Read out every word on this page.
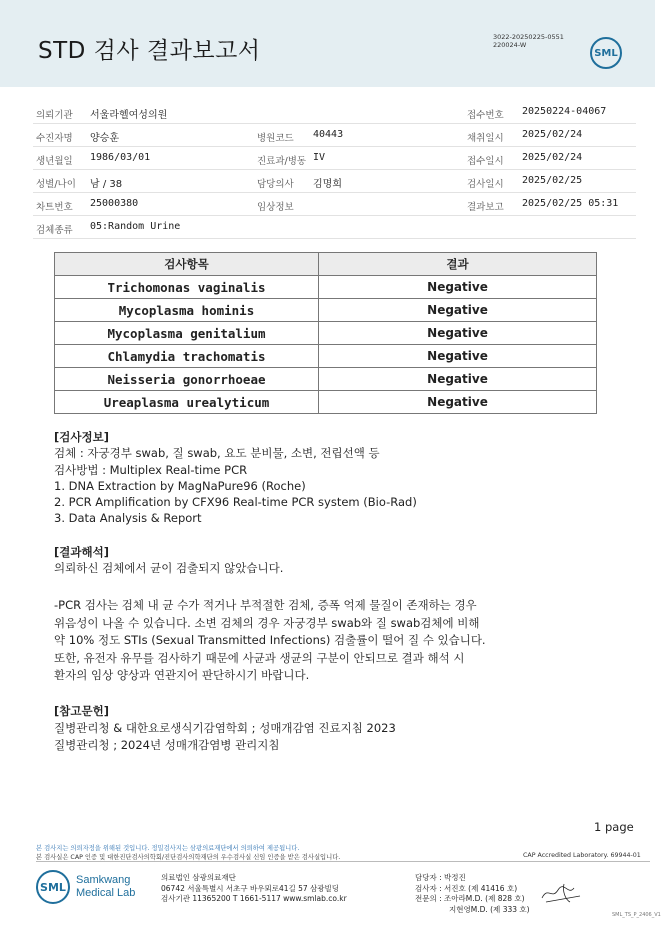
STD 검사 결과보고서
3022-20250225-0551
220024-W
SML
의뢰기관 서울라헬여성의원	접수번호 20250224-04067
수진자명 양승훈	병원코드 40443	채취일시 2025/02/24
생년월일 1986/03/01	진료과/병동 IV	접수일시 2025/02/24
성별/나이 남 / 38	담당의사 김명희	검사일시 2025/02/25
차트번호 25000380	임상정보	결과보고 2025/02/25 05:31
검체종류 05:Random Urine
검사항목	결과
Trichomonas vaginalis	Negative
Mycoplasma hominis	Negative
Mycoplasma genitalium	Negative
Chlamydia trachomatis	Negative
Neisseria gonorrhoeae	Negative
Ureaplasma urealyticum	Negative
[검사정보]
검체 : 자궁경부 swab, 질 swab, 요도 분비물, 소변, 전립선액 등
검사방법 : Multiplex Real-time PCR
1. DNA Extraction by MagNaPure96 (Roche)
2. PCR Amplification by CFX96 Real-time PCR system (Bio-Rad)
3. Data Analysis & Report
[결과해석]
의뢰하신 검체에서 균이 검출되지 않았습니다.
-PCR 검사는 검체 내 균 수가 적거나 부적절한 검체, 증폭 억제 물질이 존재하는 경우
위음성이 나올 수 있습니다. 소변 검체의 경우 자궁경부 swab와 질 swab검체에 비해
약 10% 정도 STIs (Sexual Transmitted Infections) 검출률이 떨어 질 수 있습니다.
또한, 유전자 유무를 검사하기 때문에 사균과 생균의 구분이 안되므로 결과 해석 시
환자의 임상 양상과 연관지어 판단하시기 바랍니다.
[참고문헌]
질병관리청 & 대한요로생식기감염학회 ; 성매개감염 진료지침 2023
질병관리청 ; 2024년 성매개감염병 관리지침
1 page
본 검사지는 의뢰자정을 위해된 것입니다. 정밀검사지는 삼광의료재단에서 의뢰하여 제공됩니다.
본 검사실은 CAP 인증 및 대한진단검사의학회/진단검사의학재단의 우수검사실 신임 인증을 받은 검사실입니다.	CAP Accredited Laboratory. 69944-01
SML
Samkwang
Medical Lab
의료법인 삼광의료재단
06742 서울특별시 서초구 바우뫼로41길 57 삼광빌딩
검사기관 11365200 T 1661-5117 www.smlab.co.kr
담당자 : 박정진
검사자 : 서진호 (제 41416 호)
전문의 : 조아라M.D. (제 828 호)
지현영M.D. (제 333 호)
SML_TS_P_2406_V1
